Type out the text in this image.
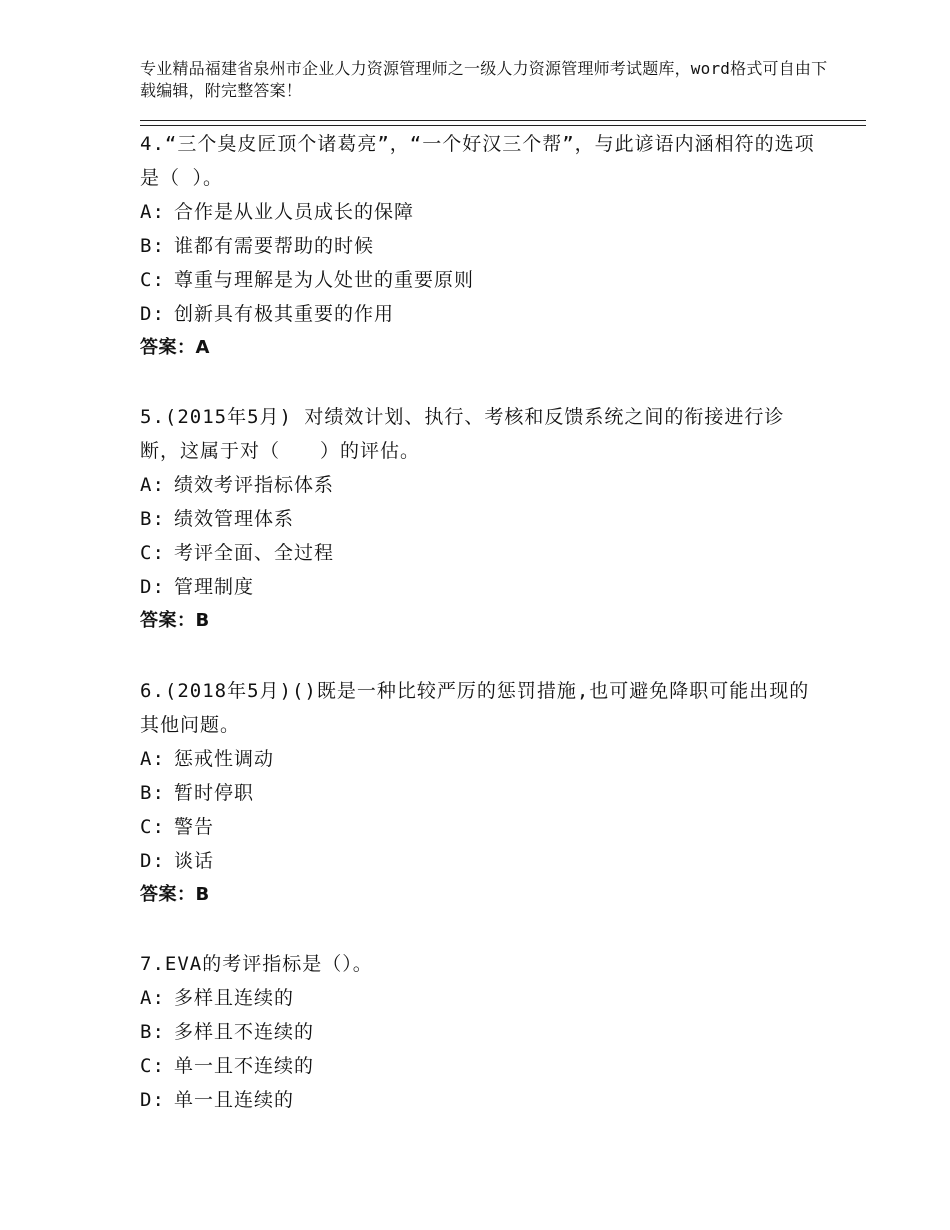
专业精品福建省泉州市企业人力资源管理师之一级人力资源管理师考试题库，word格式可自由下载编辑，附完整答案！
4.“三个臭皮匠顶个诸葛亮”，“一个好汉三个帮”，与此谚语内涵相符的选项是（ ）。
A: 合作是从业人员成长的保障
B: 谁都有需要帮助的时候
C: 尊重与理解是为人处世的重要原则
D: 创新具有极其重要的作用
答案：A
5.(2015年5月) 对绩效计划、执行、考核和反馈系统之间的衔接进行诊断，这属于对（　　）的评估。
A: 绩效考评指标体系
B: 绩效管理体系
C: 考评全面、全过程
D: 管理制度
答案：B
6.(2018年5月)()既是一种比较严厉的惩罚措施,也可避免降职可能出现的其他问题。
A: 惩戒性调动
B: 暂时停职
C: 警告
D: 谈话
答案：B
7.EVA的考评指标是（）。
A: 多样且连续的
B: 多样且不连续的
C: 单一且不连续的
D: 单一且连续的
